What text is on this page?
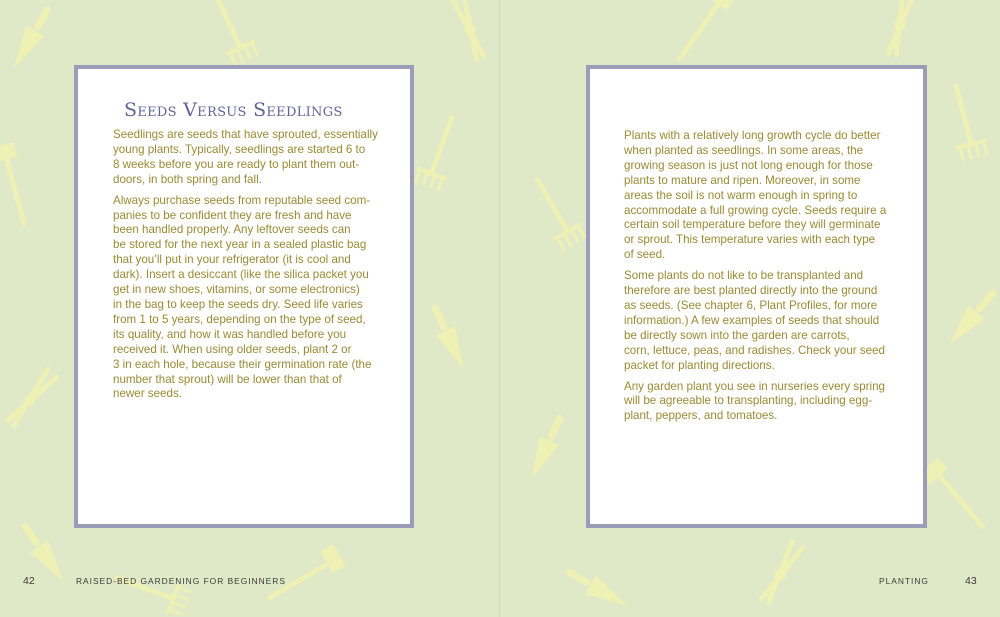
Seeds Versus Seedlings

Seedlings are seeds that have sprouted, essentially
young plants. Typically, seedlings are started 6 to
8 weeks before you are ready to plant them out-
doors, in both spring and fall.

Always purchase seeds from reputable seed com-
panies to be confident they are fresh and have
been handled properly. Any leftover seeds can
be stored for the next year in a sealed plastic bag
that you’ll put in your refrigerator (it is cool and
dark). Insert a desiccant (like the silica packet you
get in new shoes, vitamins, or some electronics)
in the bag to keep the seeds dry. Seed life varies
from 1 to 5 years, depending on the type of seed,
its quality, and how it was handled before you
received it. When using older seeds, plant 2 or
3 in each hole, because their germination rate (the
number that sprout) will be lower than that of
newer seeds.

Plants with a relatively long growth cycle do better
when planted as seedlings. In some areas, the
growing season is just not long enough for those
plants to mature and ripen. Moreover, in some
areas the soil is not warm enough in spring to
accommodate a full growing cycle. Seeds require a
certain soil temperature before they will germinate
or sprout. This temperature varies with each type
of seed.

Some plants do not like to be transplanted and
therefore are best planted directly into the ground
as seeds. (See chapter 6, Plant Profiles, for more
information.) A few examples of seeds that should
be directly sown into the garden are carrots,
corn, lettuce, peas, and radishes. Check your seed
packet for planting directions.

Any garden plant you see in nurseries every spring
will be agreeable to transplanting, including egg-
plant, peppers, and tomatoes.

42	RAISED-BED GARDENING FOR BEGINNERS	PLANTING	43
